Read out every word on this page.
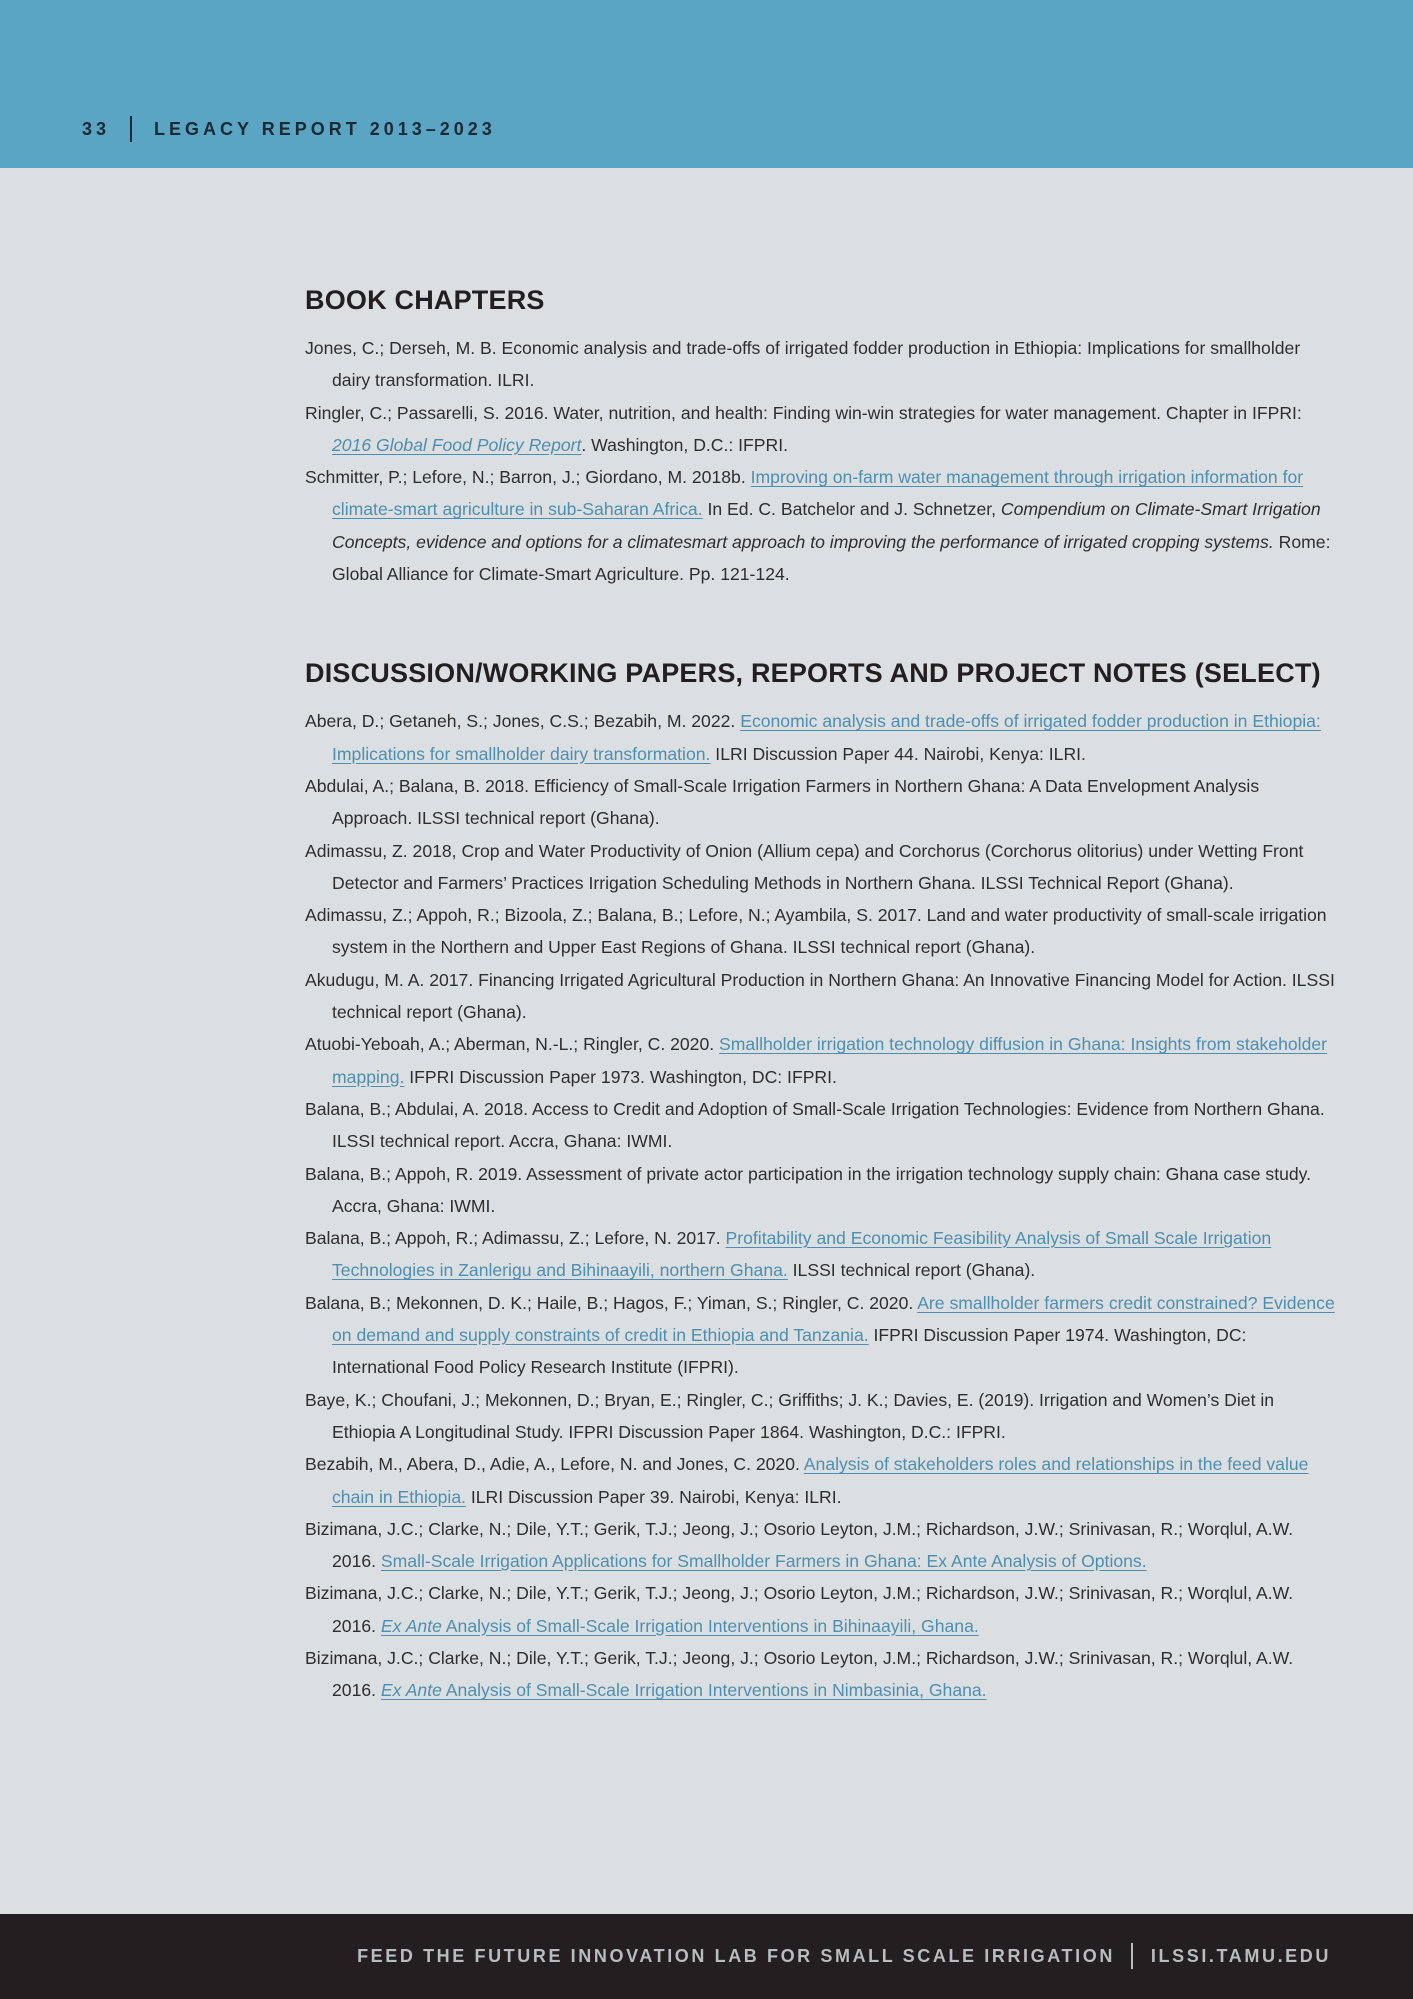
33 LEGACY REPORT 2013–2023
BOOK CHAPTERS
Jones, C.; Derseh, M. B. Economic analysis and trade-offs of irrigated fodder production in Ethiopia: Implications for smallholder dairy transformation. ILRI.
Ringler, C.; Passarelli, S. 2016. Water, nutrition, and health: Finding win-win strategies for water management. Chapter in IFPRI: 2016 Global Food Policy Report. Washington, D.C.: IFPRI.
Schmitter, P.; Lefore, N.; Barron, J.; Giordano, M. 2018b. Improving on-farm water management through irrigation information for climate-smart agriculture in sub-Saharan Africa. In Ed. C. Batchelor and J. Schnetzer, Compendium on Climate-Smart Irrigation Concepts, evidence and options for a climatesmart approach to improving the performance of irrigated cropping systems. Rome: Global Alliance for Climate-Smart Agriculture. Pp. 121-124.
DISCUSSION/WORKING PAPERS, REPORTS AND PROJECT NOTES (SELECT)
Abera, D.; Getaneh, S.; Jones, C.S.; Bezabih, M. 2022. Economic analysis and trade-offs of irrigated fodder production in Ethiopia: Implications for smallholder dairy transformation. ILRI Discussion Paper 44. Nairobi, Kenya: ILRI.
Abdulai, A.; Balana, B. 2018. Efficiency of Small-Scale Irrigation Farmers in Northern Ghana: A Data Envelopment Analysis Approach. ILSSI technical report (Ghana).
Adimassu, Z. 2018, Crop and Water Productivity of Onion (Allium cepa) and Corchorus (Corchorus olitorius) under Wetting Front Detector and Farmers’ Practices Irrigation Scheduling Methods in Northern Ghana. ILSSI Technical Report (Ghana).
Adimassu, Z.; Appoh, R.; Bizoola, Z.; Balana, B.; Lefore, N.; Ayambila, S. 2017. Land and water productivity of small-scale irrigation system in the Northern and Upper East Regions of Ghana. ILSSI technical report (Ghana).
Akudugu, M. A. 2017. Financing Irrigated Agricultural Production in Northern Ghana: An Innovative Financing Model for Action. ILSSI technical report (Ghana).
Atuobi-Yeboah, A.; Aberman, N.-L.; Ringler, C. 2020. Smallholder irrigation technology diffusion in Ghana: Insights from stakeholder mapping. IFPRI Discussion Paper 1973. Washington, DC: IFPRI.
Balana, B.; Abdulai, A. 2018. Access to Credit and Adoption of Small-Scale Irrigation Technologies: Evidence from Northern Ghana. ILSSI technical report. Accra, Ghana: IWMI.
Balana, B.; Appoh, R. 2019. Assessment of private actor participation in the irrigation technology supply chain: Ghana case study. Accra, Ghana: IWMI.
Balana, B.; Appoh, R.; Adimassu, Z.; Lefore, N. 2017. Profitability and Economic Feasibility Analysis of Small Scale Irrigation Technologies in Zanlerigu and Bihinaayili, northern Ghana. ILSSI technical report (Ghana).
Balana, B.; Mekonnen, D. K.; Haile, B.; Hagos, F.; Yiman, S.; Ringler, C. 2020. Are smallholder farmers credit constrained? Evidence on demand and supply constraints of credit in Ethiopia and Tanzania. IFPRI Discussion Paper 1974. Washington, DC: International Food Policy Research Institute (IFPRI).
Baye, K.; Choufani, J.; Mekonnen, D.; Bryan, E.; Ringler, C.; Griffiths; J. K.; Davies, E. (2019). Irrigation and Women’s Diet in Ethiopia A Longitudinal Study. IFPRI Discussion Paper 1864. Washington, D.C.: IFPRI.
Bezabih, M., Abera, D., Adie, A., Lefore, N. and Jones, C. 2020. Analysis of stakeholders roles and relationships in the feed value chain in Ethiopia. ILRI Discussion Paper 39. Nairobi, Kenya: ILRI.
Bizimana, J.C.; Clarke, N.; Dile, Y.T.; Gerik, T.J.; Jeong, J.; Osorio Leyton, J.M.; Richardson, J.W.; Srinivasan, R.; Worqlul, A.W. 2016. Small-Scale Irrigation Applications for Smallholder Farmers in Ghana: Ex Ante Analysis of Options.
Bizimana, J.C.; Clarke, N.; Dile, Y.T.; Gerik, T.J.; Jeong, J.; Osorio Leyton, J.M.; Richardson, J.W.; Srinivasan, R.; Worqlul, A.W. 2016. Ex Ante Analysis of Small-Scale Irrigation Interventions in Bihinaayili, Ghana.
Bizimana, J.C.; Clarke, N.; Dile, Y.T.; Gerik, T.J.; Jeong, J.; Osorio Leyton, J.M.; Richardson, J.W.; Srinivasan, R.; Worqlul, A.W. 2016. Ex Ante Analysis of Small-Scale Irrigation Interventions in Nimbasinia, Ghana.
FEED THE FUTURE INNOVATION LAB FOR SMALL SCALE IRRIGATION ILSSI.TAMU.EDU
